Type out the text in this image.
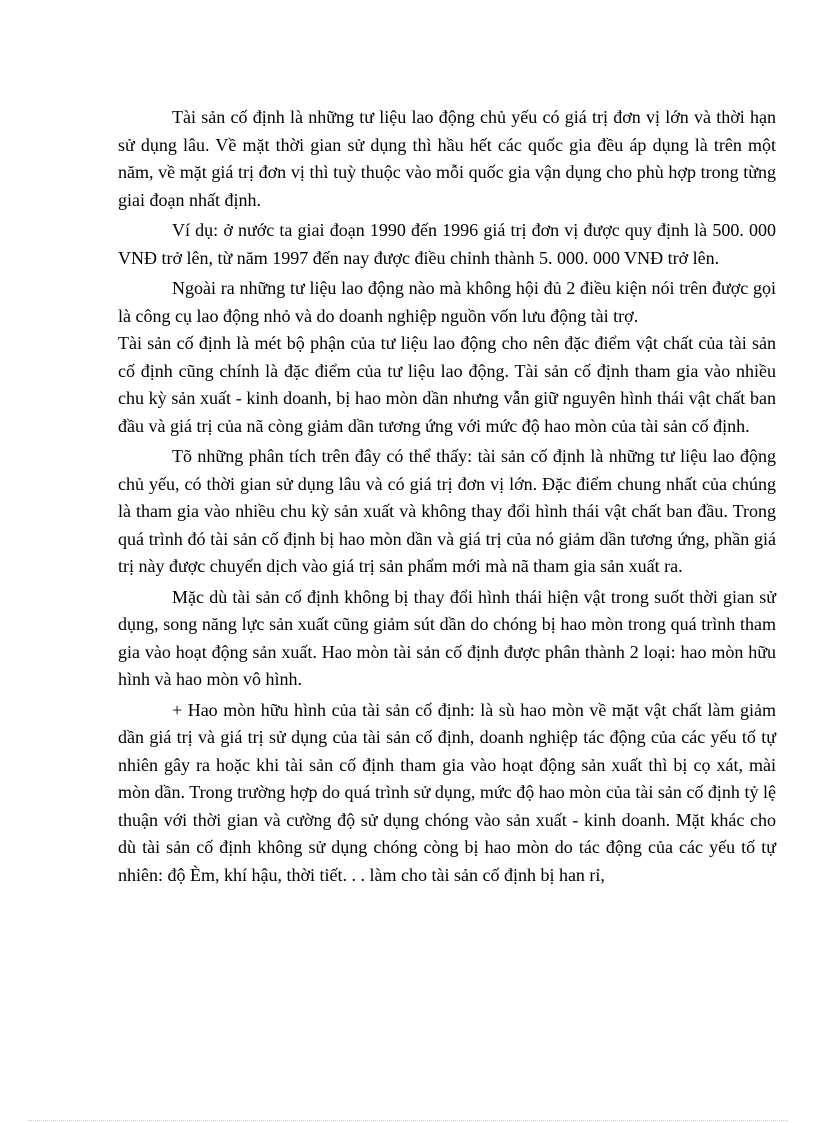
Tài sản cố định là những tư liệu lao động chủ yếu có giá trị đơn vị lớn và thời hạn sử dụng lâu. Về mặt thời gian sử dụng thì hầu hết các quốc gia đều áp dụng là trên một năm, về mặt giá trị đơn vị thì tuỳ thuộc vào mỗi quốc gia vận dụng cho phù hợp trong từng giai đoạn nhất định.

Ví dụ: ở nước ta giai đoạn 1990 đến 1996 giá trị đơn vị được quy định là 500. 000 VNĐ trở lên, từ năm 1997 đến nay được điều chỉnh thành 5. 000. 000 VNĐ trở lên.

Ngoài ra những tư liệu lao động nào mà không hội đủ 2 điều kiện nói trên được gọi là công cụ lao động nhỏ và do doanh nghiệp nguồn vốn lưu động tài trợ.

Tài sản cố định là mét bộ phận của tư liệu lao động cho nên đặc điểm vật chất của tài sản cố định cũng chính là đặc điểm của tư liệu lao động. Tài sản cố định tham gia vào nhiều chu kỳ sản xuất - kinh doanh, bị hao mòn dần nhưng vẫn giữ nguyên hình thái vật chất ban đầu và giá trị của nã còng giảm dần tương ứng với mức độ hao mòn của tài sản cố định.

Tõ những phân tích trên đây có thể thấy: tài sản cố định là những tư liệu lao động chủ yếu, có thời gian sử dụng lâu và có giá trị đơn vị lớn. Đặc điểm chung nhất của chúng là tham gia vào nhiều chu kỳ sản xuất và không thay đổi hình thái vật chất ban đầu. Trong quá trình đó tài sản cố định bị hao mòn dần và giá trị của nó giảm dần tương ứng, phần giá trị này được chuyển dịch vào giá trị sản phẩm mới mà nã tham gia sản xuất ra.

Mặc dù tài sản cố định không bị thay đổi hình thái hiện vật trong suốt thời gian sử dụng, song năng lực sản xuất cũng giảm sút dần do chóng bị hao mòn trong quá trình tham gia vào hoạt động sản xuất. Hao mòn tài sản cố định được phân thành 2 loại: hao mòn hữu hình và hao mòn vô hình.

+ Hao mòn hữu hình của tài sản cố định: là sù hao mòn về mặt vật chất làm giảm dần giá trị và giá trị sử dụng của tài sản cố định, doanh nghiệp tác động của các yếu tố tự nhiên gây ra hoặc khi tài sản cố định tham gia vào hoạt động sản xuất thì bị cọ xát, mài mòn dần. Trong trường hợp do quá trình sử dụng, mức độ hao mòn của tài sản cố định tỷ lệ thuận với thời gian và cường độ sử dụng chóng vào sản xuất - kinh doanh. Mặt khác cho dù tài sản cố định không sử dụng chóng còng bị hao mòn do tác động của các yếu tố tự nhiên: độ Èm, khí hậu, thời tiết. . . làm cho tài sản cố định bị han rỉ,
